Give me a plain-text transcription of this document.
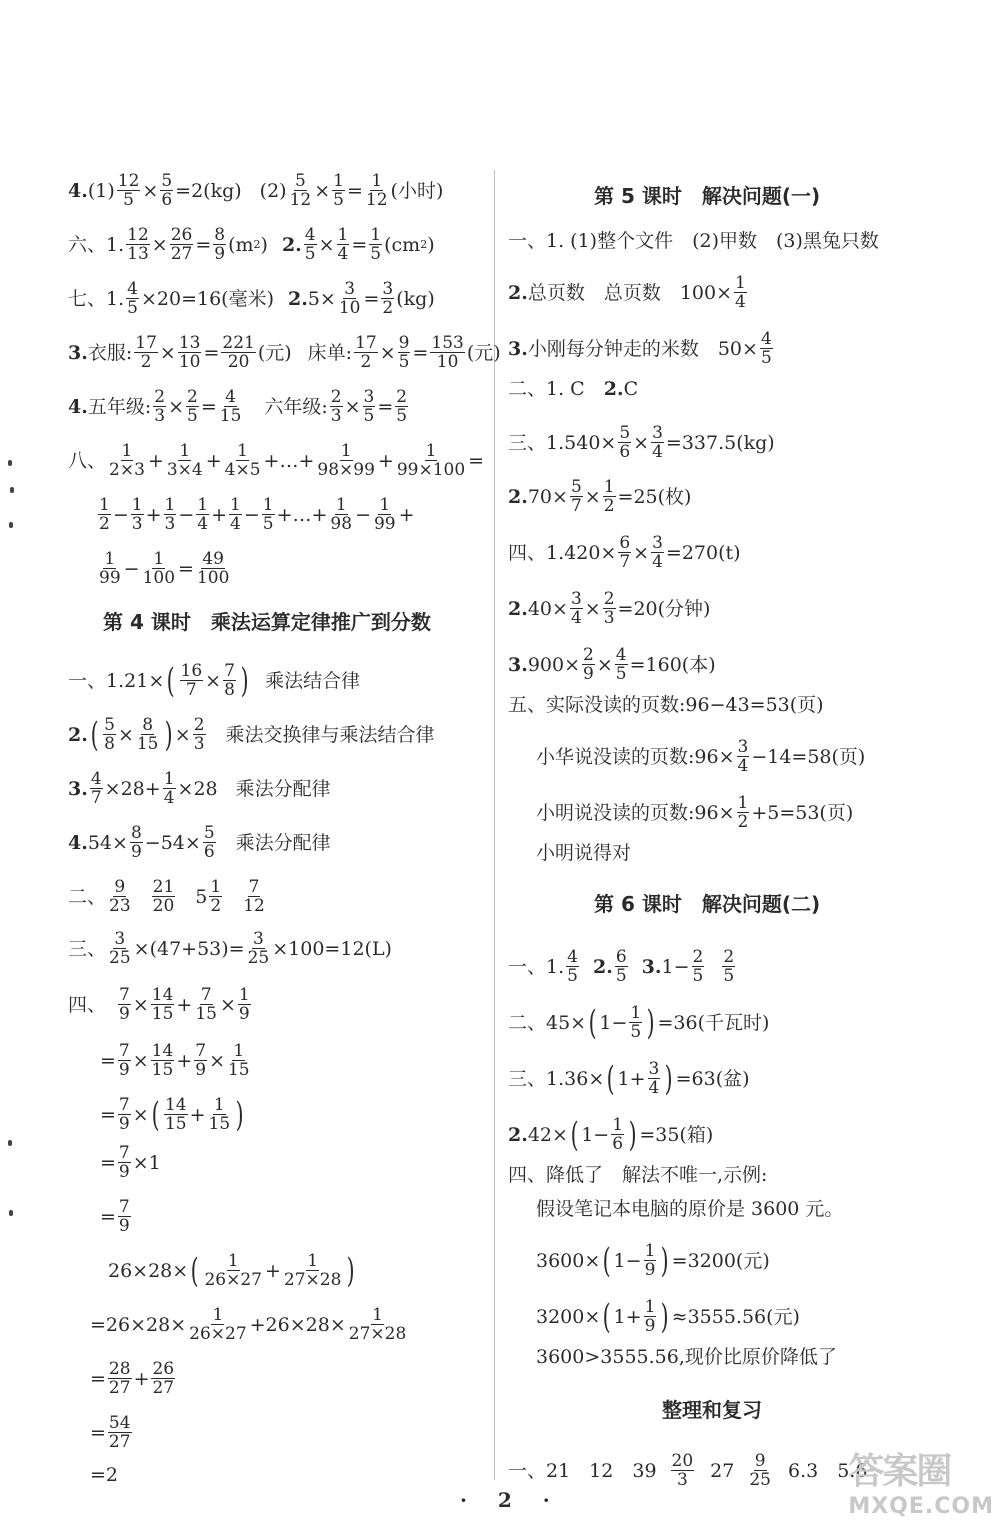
4. $(1) \frac{12}{5} \times \frac{5}{6} =2(kg)$ $(2) \frac{5}{12} \times \frac{1}{5} = \frac{1}{12}$ (小时)
六、1. $\frac{12}{13} \times \frac{26}{27} = \frac{8}{9} (m$ 2 ) 2. $\frac{4}{5} \times \frac{1}{4} = \frac{1}{5} (cm$ 2 )
七、1. $\frac{4}{5} \times 20=16$(毫米) 2. $5\times \frac{3}{10} = \frac{3}{2} (kg)$
3. 衣服: $\frac{17}{2} \times \frac{13}{10} = \frac{221}{20}$ (元) 床单: $\frac{17}{2} \times \frac{9}{5} = \frac{153}{10}$ (元)
4. 五年级: $\frac{2}{3} \times \frac{2}{5} = \frac{4}{15}$ 六年级: $\frac{2}{3} \times \frac{3}{5} = \frac{2}{5}$
八、 $\frac{1}{2\times 3} + \frac{1}{3\times 4} + \frac{1}{4\times 5}$ +…+ $\frac{1}{98\times 99} + \frac{1}{99\times 100}$ =
$\frac{1}{2} - \frac{1}{3} + \frac{1}{3} - \frac{1}{4} + \frac{1}{4} - \frac{1}{5}$ +…+ $\frac{1}{98} - \frac{1}{99}$ +
$\frac{1}{99} - \frac{1}{100} = \frac{49}{100}$
第 4 课时　乘法运算定律推广到分数
一、1. 21× ( $\frac{16}{7} \times \frac{7}{8}$ ) 乘法结合律
2. ( $\frac{5}{8} \times \frac{8}{15}$ ) × $\frac{2}{3}$ 乘法交换律与乘法结合律
3. $\frac{4}{7} \times 28+ \frac{1}{4} \times 28$ 乘法分配律
4. $54\times \frac{8}{9} -54\times \frac{5}{6}$ 乘法分配律
二、 $\frac{9}{23} \frac{21}{20} 5 \frac{1}{2} \frac{7}{12}$
三、 $\frac{3}{25} \times(47+53)= \frac{3}{25} \times 100=12(L)$
四、 $\frac{7}{9} \times \frac{14}{15} + \frac{7}{15} \times \frac{1}{9}$
= $\frac{7}{9} \times \frac{14}{15} + \frac{7}{9} \times \frac{1}{15}$
= $\frac{7}{9}$ × ( $\frac{14}{15} + \frac{1}{15}$ )
= $\frac{7}{9} \times 1$
= $\frac{7}{9}$
26×28× ( $\frac{1}{26\times 27} + \frac{1}{27\times 28}$ )
$=26\times 28\times \frac{1}{26\times 27} +26\times 28\times \frac{1}{27\times 28}$
= $\frac{28}{27} + \frac{26}{27}$
= $\frac{54}{27}$
=2
第 5 课时　解决问题(一)
一、1. (1)整个文件　(2)甲数　(3)黑兔只数
2. 总页数　总页数　$100\times \frac{1}{4}$
3. 小刚每分钟走的米数　$50\times \frac{4}{5}$
二、1. C　 2. C
三、1. $540\times \frac{5}{6} \times \frac{3}{4} =337.5(kg)$
2. $70\times \frac{5}{7} \times \frac{1}{2} =25$(枚)
四、1. $420\times \frac{6}{7} \times \frac{3}{4} =270(t)$
2. $40\times \frac{3}{4} \times \frac{2}{3} =20$(分钟)
3. $900\times \frac{2}{9} \times \frac{4}{5} =160$(本)
五、实际没读的页数:96−43=53(页)
小华说没读的页数:96× $\frac{3}{4} -14=58$(页)
小明说没读的页数:96× $\frac{1}{2} +5=53$(页)
小明说得对
第 6 课时　解决问题(二)
一、1. $\frac{4}{5} 2$. $\frac{6}{5} 3$. $1- \frac{2}{5} \frac{2}{5}$
二、45× ( $1- \frac{1}{5}$ ) =36(千瓦时)
三、1. 36× ( $1+ \frac{3}{4}$ ) =63(盆)
2. 42× ( $1- \frac{1}{6}$ ) =35(箱)
四、降低了　解法不唯一,示例:
假设笔记本电脑的原价是 3600 元。
3600× ( $1- \frac{1}{9}$ ) =3200(元)
3200× ( $1+ \frac{1}{9}$ ) ≈3555.56(元)
3600>3555.56,现价比原价降低了
整理和复习
一、21　12　$39 \frac{20}{3} 27 \frac{9}{25} 6.3$　5.6
· 2 ·
答案圈
MXQE.COM
